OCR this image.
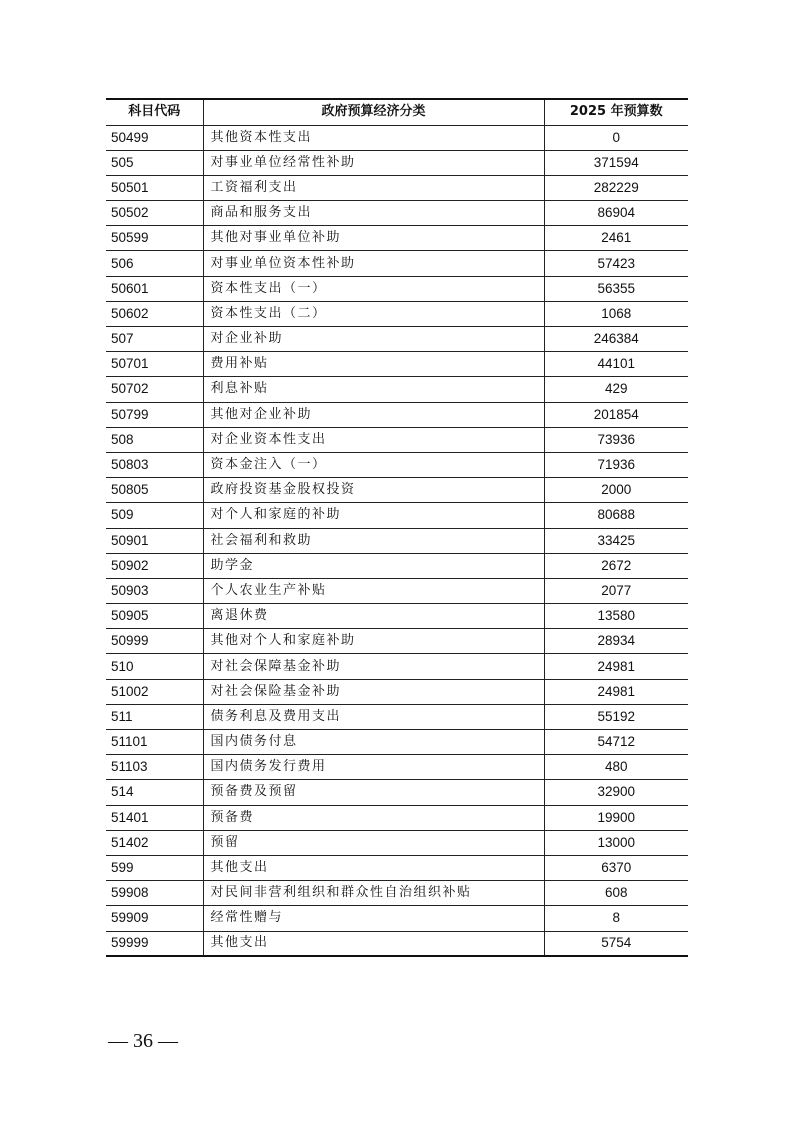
科目代码	政府预算经济分类	2025 年预算数
50499	其他资本性支出	0
505	对事业单位经常性补助	371594
50501	工资福利支出	282229
50502	商品和服务支出	86904
50599	其他对事业单位补助	2461
506	对事业单位资本性补助	57423
50601	资本性支出（一）	56355
50602	资本性支出（二）	1068
507	对企业补助	246384
50701	费用补贴	44101
50702	利息补贴	429
50799	其他对企业补助	201854
508	对企业资本性支出	73936
50803	资本金注入（一）	71936
50805	政府投资基金股权投资	2000
509	对个人和家庭的补助	80688
50901	社会福利和救助	33425
50902	助学金	2672
50903	个人农业生产补贴	2077
50905	离退休费	13580
50999	其他对个人和家庭补助	28934
510	对社会保障基金补助	24981
51002	对社会保险基金补助	24981
511	债务利息及费用支出	55192
51101	国内债务付息	54712
51103	国内债务发行费用	480
514	预备费及预留	32900
51401	预备费	19900
51402	预留	13000
599	其他支出	6370
59908	对民间非营利组织和群众性自治组织补贴	608
59909	经常性赠与	8
59999	其他支出	5754
— 36 —
